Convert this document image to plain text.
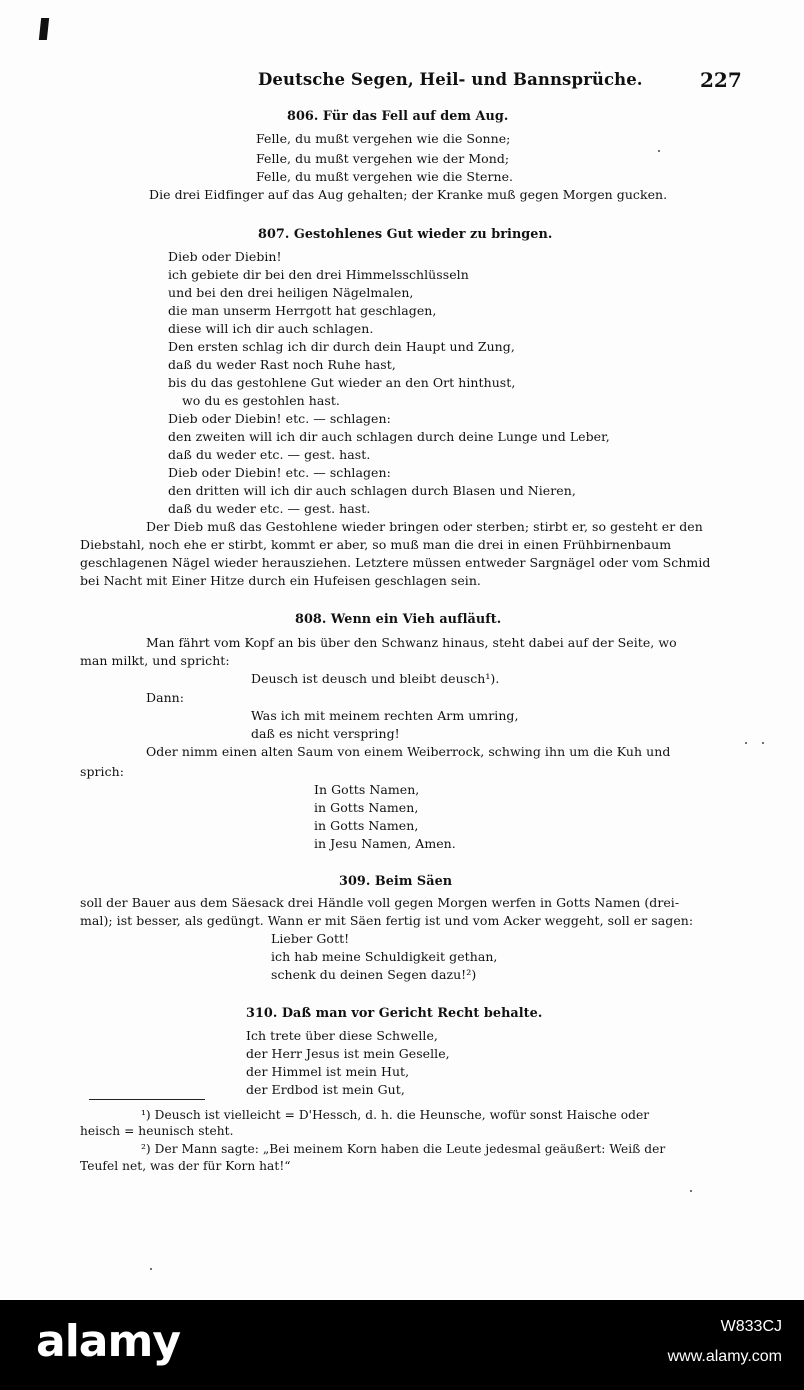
Deutsche Segen, Heil- und Bannsprüche.	227
806. Für das Fell auf dem Aug.
Felle, du mußt vergehen wie die Sonne;
Felle, du mußt vergehen wie der Mond;
Felle, du mußt vergehen wie die Sterne.
Die drei Eidfinger auf das Aug gehalten; der Kranke muß gegen Morgen gucken.
807. Gestohlenes Gut wieder zu bringen.
Dieb oder Diebin!
ich gebiete dir bei den drei Himmelsschlüsseln
und bei den drei heiligen Nägelmalen,
die man unserm Herrgott hat geschlagen,
diese will ich dir auch schlagen.
Den ersten schlag ich dir durch dein Haupt und Zung,
daß du weder Rast noch Ruhe hast,
bis du das gestohlene Gut wieder an den Ort hinthust,
wo du es gestohlen hast.
Dieb oder Diebin! etc. — schlagen:
den zweiten will ich dir auch schlagen durch deine Lunge und Leber,
daß du weder etc. — gest. hast.
Dieb oder Diebin! etc. — schlagen:
den dritten will ich dir auch schlagen durch Blasen und Nieren,
daß du weder etc. — gest. hast.
Der Dieb muß das Gestohlene wieder bringen oder sterben; stirbt er, so gesteht er den
Diebstahl, noch ehe er stirbt, kommt er aber, so muß man die drei in einen Frühbirnenbaum
geschlagenen Nägel wieder herausziehen. Letztere müssen entweder Sargnägel oder vom Schmid
bei Nacht mit Einer Hitze durch ein Hufeisen geschlagen sein.
808. Wenn ein Vieh aufläuft.
Man fährt vom Kopf an bis über den Schwanz hinaus, steht dabei auf der Seite, wo
man milkt, und spricht:
Deusch ist deusch und bleibt deusch¹).
Dann:
Was ich mit meinem rechten Arm umring,
daß es nicht verspring!
Oder nimm einen alten Saum von einem Weiberrock, schwing ihn um die Kuh und
sprich:
In Gotts Namen,
in Gotts Namen,
in Gotts Namen,
in Jesu Namen, Amen.
309. Beim Säen
soll der Bauer aus dem Säesack drei Händle voll gegen Morgen werfen in Gotts Namen (drei-
mal); ist besser, als gedüngt. Wann er mit Säen fertig ist und vom Acker weggeht, soll er sagen:
Lieber Gott!
ich hab meine Schuldigkeit gethan,
schenk du deinen Segen dazu!²)
310. Daß man vor Gericht Recht behalte.
Ich trete über diese Schwelle,
der Herr Jesus ist mein Geselle,
der Himmel ist mein Hut,
der Erdbod ist mein Gut,
¹) Deusch ist vielleicht = D'Hessch, d. h. die Heunsche, wofür sonst Haische oder
heisch = heunisch steht.
²) Der Mann sagte: „Bei meinem Korn haben die Leute jedesmal geäußert: Weiß der
Teufel net, was der für Korn hat!“
alamy	W833CJ
www.alamy.com
